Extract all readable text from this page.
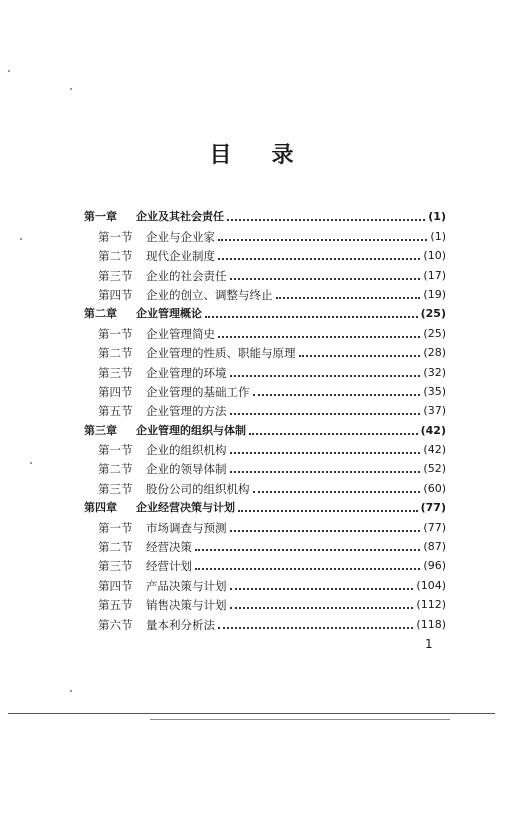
目 录
第一章	企业及其社会责任	(1)
第一节	企业与企业家	(1)
第二节	现代企业制度	(10)
第三节	企业的社会责任	(17)
第四节	企业的创立、调整与终止	(19)
第二章	企业管理概论	(25)
第一节	企业管理简史	(25)
第二节	企业管理的性质、职能与原理	(28)
第三节	企业管理的环境	(32)
第四节	企业管理的基础工作	(35)
第五节	企业管理的方法	(37)
第三章	企业管理的组织与体制	(42)
第一节	企业的组织机构	(42)
第二节	企业的领导体制	(52)
第三节	股份公司的组织机构	(60)
第四章	企业经营决策与计划	(77)
第一节	市场调查与预测	(77)
第二节	经营决策	(87)
第三节	经营计划	(96)
第四节	产品决策与计划	(104)
第五节	销售决策与计划	(112)
第六节	量本利分析法	(118)
1
